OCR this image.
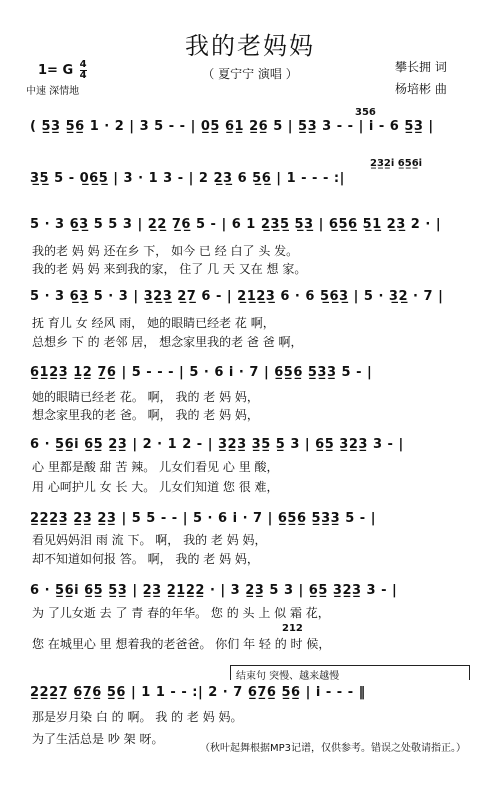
我的老妈妈
（ 夏宁宁 演唱 ）
1= G $\frac{4}{4}$
中速 深情地
攀长拥 词
杨培彬 曲
356
2̲3̲2̲i 6̲5̲6̲i
212
( 5̲3̲ 5̲6̲ 1 · 2 | 3 5 - - | 0̲5̲ 6̲1̲ 2̲6̲ 5 | 5̲3̲ 3 - - | i - 6 5̲3̲ |
3̲5̲ 5 - 0̲6̲5̲ | 3 · 1 3 - | 2 2̲3̲ 6 5̲6̲ | 1 - - - :|
5 · 3 6̲3̲ 5 5 3 | 2̲2̲ 7̲6̲ 5 - | 6 1 2̲3̲5̲ 5̲3̲ | 6̲5̲6̲ 5̲1̲ 2̲3̲ 2 · |
5 · 3 6̲3̲ 5 · 3 | 3̲2̲3̲ 2̲7̲ 6 - | 2̲1̲2̲3̲ 6 · 6 5̲6̲3̲ | 5 · 3̲2̲ · 7 |
6̲1̲2̲3̲ 1̲2̲ 7̲6̲ | 5 - - - | 5 · 6 i · 7 | 6̲5̲6̲ 5̲3̲3̲ 5 - |
6 · 5̲6̲i 6̲5̲ 2̲3̲ | 2 · 1 2 - | 3̲2̲3̲ 3̲5̲ 5̲ 3 | 6̲5̲ 3̲2̲3̲ 3 - |
2̲2̲2̲3̲ 2̲3̲ 2̲3̲ | 5 5 - - | 5 · 6 i · 7 | 6̲5̲6̲ 5̲3̲3̲ 5 - |
6 · 5̲6̲i 6̲5̲ 5̲3̲ | 2̲3̲ 2̲1̲2̲2̲ · | 3 2̲3̲ 5 3 | 6̲5̲ 3̲2̲3̲ 3 - |
2̲2̲2̲7̲ 6̲7̲6̲ 5̲6̲ | 1 1 - - :| 2 · 7 6̲7̲6̲ 5̲6̲ | i - - - ‖
我的老 妈 妈 还在乡 下， 如今 已 经 白了 头 发。
我的老 妈 妈 来到我的家， 住了 几 天 又在 想 家。
抚 育儿 女 经风 雨， 她的眼睛已经老 花 啊，
总想乡 下 的 老邻 居， 想念家里我的老 爸 爸 啊，
她的眼睛已经老 花。 啊， 我的 老 妈 妈，
想念家里我的老 爸。 啊， 我的 老 妈 妈，
心 里都是酸 甜 苦 辣。 儿女们看见 心 里 酸，
用 心呵护儿 女 长 大。 儿女们知道 您 很 难，
看见妈妈泪 雨 流 下。 啊， 我的 老 妈 妈，
却不知道如何报 答。 啊， 我的 老 妈 妈，
为 了儿女逝 去 了 青 春的年华。 您 的 头 上 似 霜 花，
您 在城里心 里 想着我的老爸爸。 你们 年 轻 的 时 候，
那是岁月染 白 的 啊。 我 的 老 妈 妈。
为了生活总是 吵 架 呀。
结束句 突慢、越来越慢
（秋叶起舞根据MP3记谱，仅供参考。错误之处敬请指正。）
